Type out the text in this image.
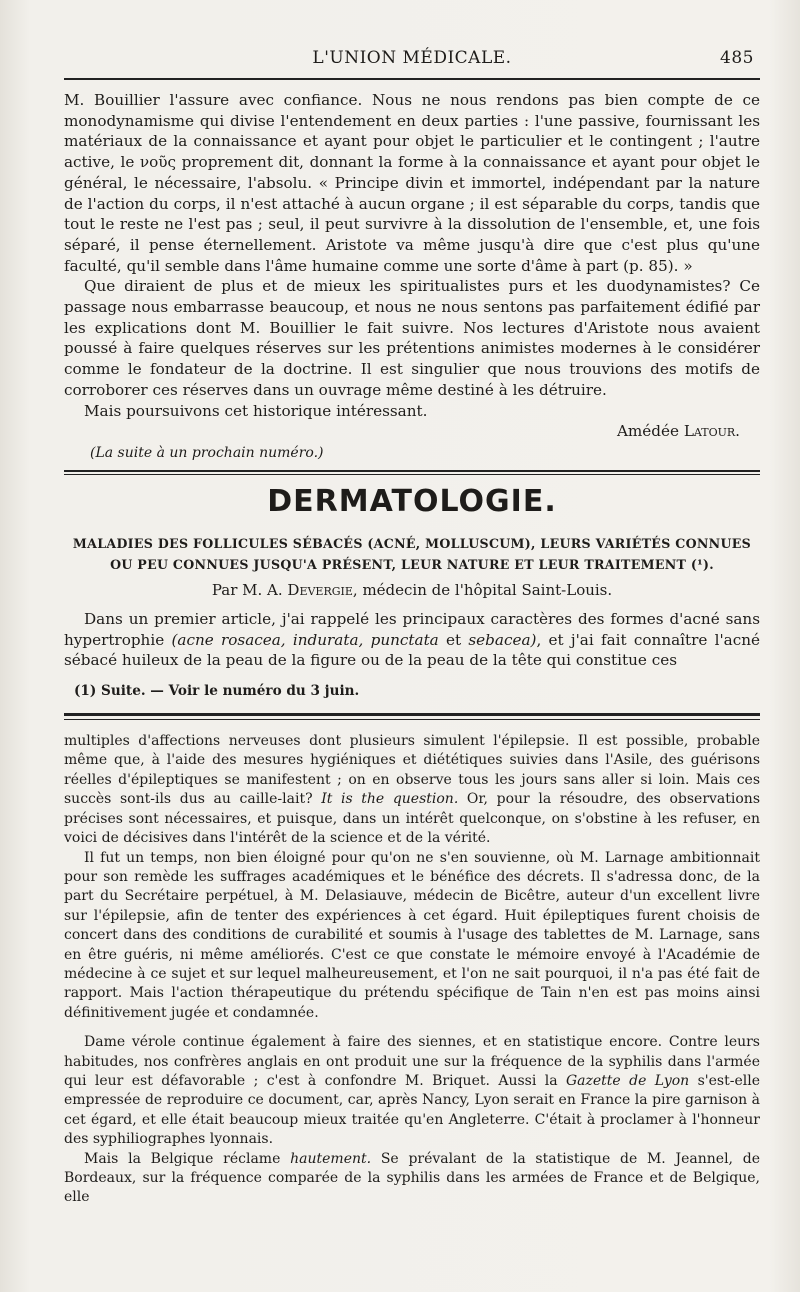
L'UNION MÉDICALE.	485

M. Bouillier l'assure avec confiance. Nous ne nous rendons pas bien compte de ce monodynamisme qui divise l'entendement en deux parties : l'une passive, fournissant les matériaux de la connaissance et ayant pour objet le particulier et le contingent ; l'autre active, le νοῦς proprement dit, donnant la forme à la connaissance et ayant pour objet le général, le nécessaire, l'absolu. « Principe divin et immortel, indépendant par la nature de l'action du corps, il n'est attaché à aucun organe ; il est séparable du corps, tandis que tout le reste ne l'est pas ; seul, il peut survivre à la dissolution de l'ensemble, et, une fois séparé, il pense éternellement. Aristote va même jusqu'à dire que c'est plus qu'une faculté, qu'il semble dans l'âme humaine comme une sorte d'âme à part (p. 85). »

Que diraient de plus et de mieux les spiritualistes purs et les duodynamistes? Ce passage nous embarrasse beaucoup, et nous ne nous sentons pas parfaitement édifié par les explications dont M. Bouillier le fait suivre. Nos lectures d'Aristote nous avaient poussé à faire quelques réserves sur les prétentions animistes modernes à le considérer comme le fondateur de la doctrine. Il est singulier que nous trouvions des motifs de corroborer ces réserves dans un ouvrage même destiné à les détruire.

Mais poursuivons cet historique intéressant.

Amédée Latour.

(La suite à un prochain numéro.)

DERMATOLOGIE.
MALADIES DES FOLLICULES SÉBACÉS (ACNÉ, MOLLUSCUM), LEURS VARIÉTÉS CONNUES
OU PEU CONNUES JUSQU'A PRÉSENT, LEUR NATURE ET LEUR TRAITEMENT (¹).
Par M. A. Devergie, médecin de l'hôpital Saint-Louis.

Dans un premier article, j'ai rappelé les principaux caractères des formes d'acné sans hypertrophie (acne rosacea, indurata, punctata et sebacea), et j'ai fait connaître l'acné sébacé huileux de la peau de la figure ou de la peau de la tête qui constitue ces

(1) Suite. — Voir le numéro du 3 juin.

multiples d'affections nerveuses dont plusieurs simulent l'épilepsie. Il est possible, probable même que, à l'aide des mesures hygiéniques et diététiques suivies dans l'Asile, des guérisons réelles d'épileptiques se manifestent ; on en observe tous les jours sans aller si loin. Mais ces succès sont-ils dus au caille-lait? It is the question. Or, pour la résoudre, des observations précises sont nécessaires, et puisque, dans un intérêt quelconque, on s'obstine à les refuser, en voici de décisives dans l'intérêt de la science et de la vérité.

Il fut un temps, non bien éloigné pour qu'on ne s'en souvienne, où M. Larnage ambitionnait pour son remède les suffrages académiques et le bénéfice des décrets. Il s'adressa donc, de la part du Secrétaire perpétuel, à M. Delasiauve, médecin de Bicêtre, auteur d'un excellent livre sur l'épilepsie, afin de tenter des expériences à cet égard. Huit épileptiques furent choisis de concert dans des conditions de curabilité et soumis à l'usage des tablettes de M. Larnage, sans en être guéris, ni même améliorés. C'est ce que constate le mémoire envoyé à l'Académie de médecine à ce sujet et sur lequel malheureusement, et l'on ne sait pourquoi, il n'a pas été fait de rapport. Mais l'action thérapeutique du prétendu spécifique de Tain n'en est pas moins ainsi définitivement jugée et condamnée.

Dame vérole continue également à faire des siennes, et en statistique encore. Contre leurs habitudes, nos confrères anglais en ont produit une sur la fréquence de la syphilis dans l'armée qui leur est défavorable ; c'est à confondre M. Briquet. Aussi la Gazette de Lyon s'est-elle empressée de reproduire ce document, car, après Nancy, Lyon serait en France la pire garnison à cet égard, et elle était beaucoup mieux traitée qu'en Angleterre. C'était à proclamer à l'honneur des syphiliographes lyonnais.

Mais la Belgique réclame hautement. Se prévalant de la statistique de M. Jeannel, de Bordeaux, sur la fréquence comparée de la syphilis dans les armées de France et de Belgique, elle
